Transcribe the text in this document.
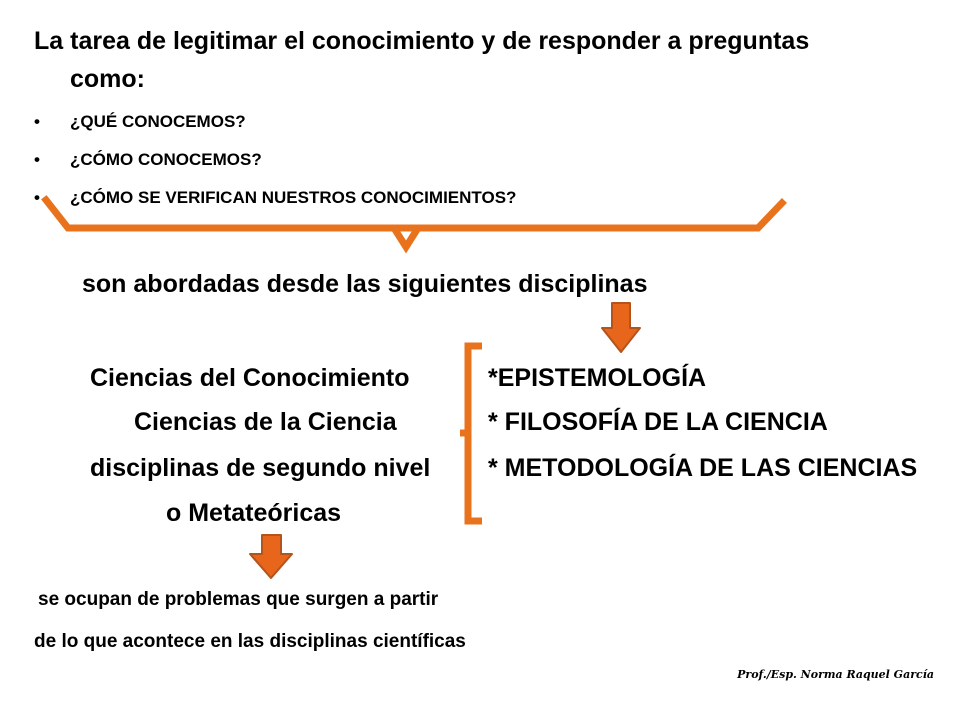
La tarea de legitimar el conocimiento y de responder a preguntas
como:
• ¿QUÉ CONOCEMOS?
• ¿CÓMO CONOCEMOS?
• ¿CÓMO SE VERIFICAN NUESTROS CONOCIMIENTOS?
son abordadas desde las siguientes disciplinas
Ciencias del Conocimiento
Ciencias de la Ciencia
disciplinas de segundo nivel
o Metateóricas
*EPISTEMOLOGÍA
* FILOSOFÍA DE LA CIENCIA
* METODOLOGÍA DE LAS CIENCIAS
se ocupan de problemas que surgen a partir
de lo que acontece en las disciplinas científicas
Prof./Esp. Norma Raquel García
